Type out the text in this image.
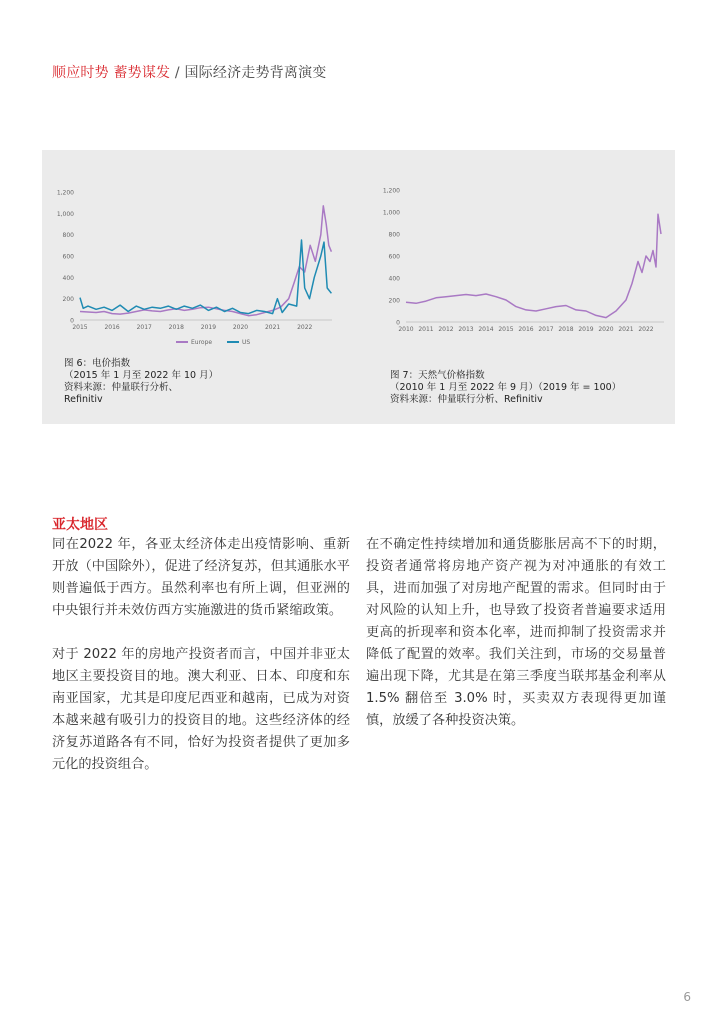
顺应时势 蓄势谋发 / 国际经济走势背离演变
0
200
400
600
800
1,000
1,200
2015	2016	2017	2018	2019	2020	2021	2022
Europe	US
0
200
400
600
800
1,000
1,200
2010 2011 2012 2013 2014 2015 2016 2017 2018 2019 2020 2021 2022
图 6：电价指数
（2015 年 1 月至 2022 年 10 月）
资料来源：仲量联行分析、
Refinitiv
图 7：天然气价格指数
（2010 年 1 月至 2022 年 9 月）（2019 年 = 100）
资料来源：仲量联行分析、Refinitiv
亚太地区

同在2022 年，各亚太经济体走出疫情影响、重新开放（中国除外），促进了经济复苏，但其通胀水平则普遍低于西方。虽然利率也有所上调，但亚洲的中央银行并未效仿西方实施激进的货币紧缩政策。

对于 2022 年的房地产投资者而言，中国并非亚太地区主要投资目的地。澳大利亚、日本、印度和东南亚国家，尤其是印度尼西亚和越南，已成为对资本越来越有吸引力的投资目的地。这些经济体的经济复苏道路各有不同，恰好为投资者提供了更加多元化的投资组合。

在不确定性持续增加和通货膨胀居高不下的时期，投资者通常将房地产资产视为对冲通胀的有效工具，进而加强了对房地产配置的需求。但同时由于对风险的认知上升，也导致了投资者普遍要求适用更高的折现率和资本化率，进而抑制了投资需求并降低了配置的效率。我们关注到，市场的交易量普遍出现下降，尤其是在第三季度当联邦基金利率从 1.5% 翻倍至 3.0% 时，买卖双方表现得更加谨慎，放缓了各种投资决策。

6
